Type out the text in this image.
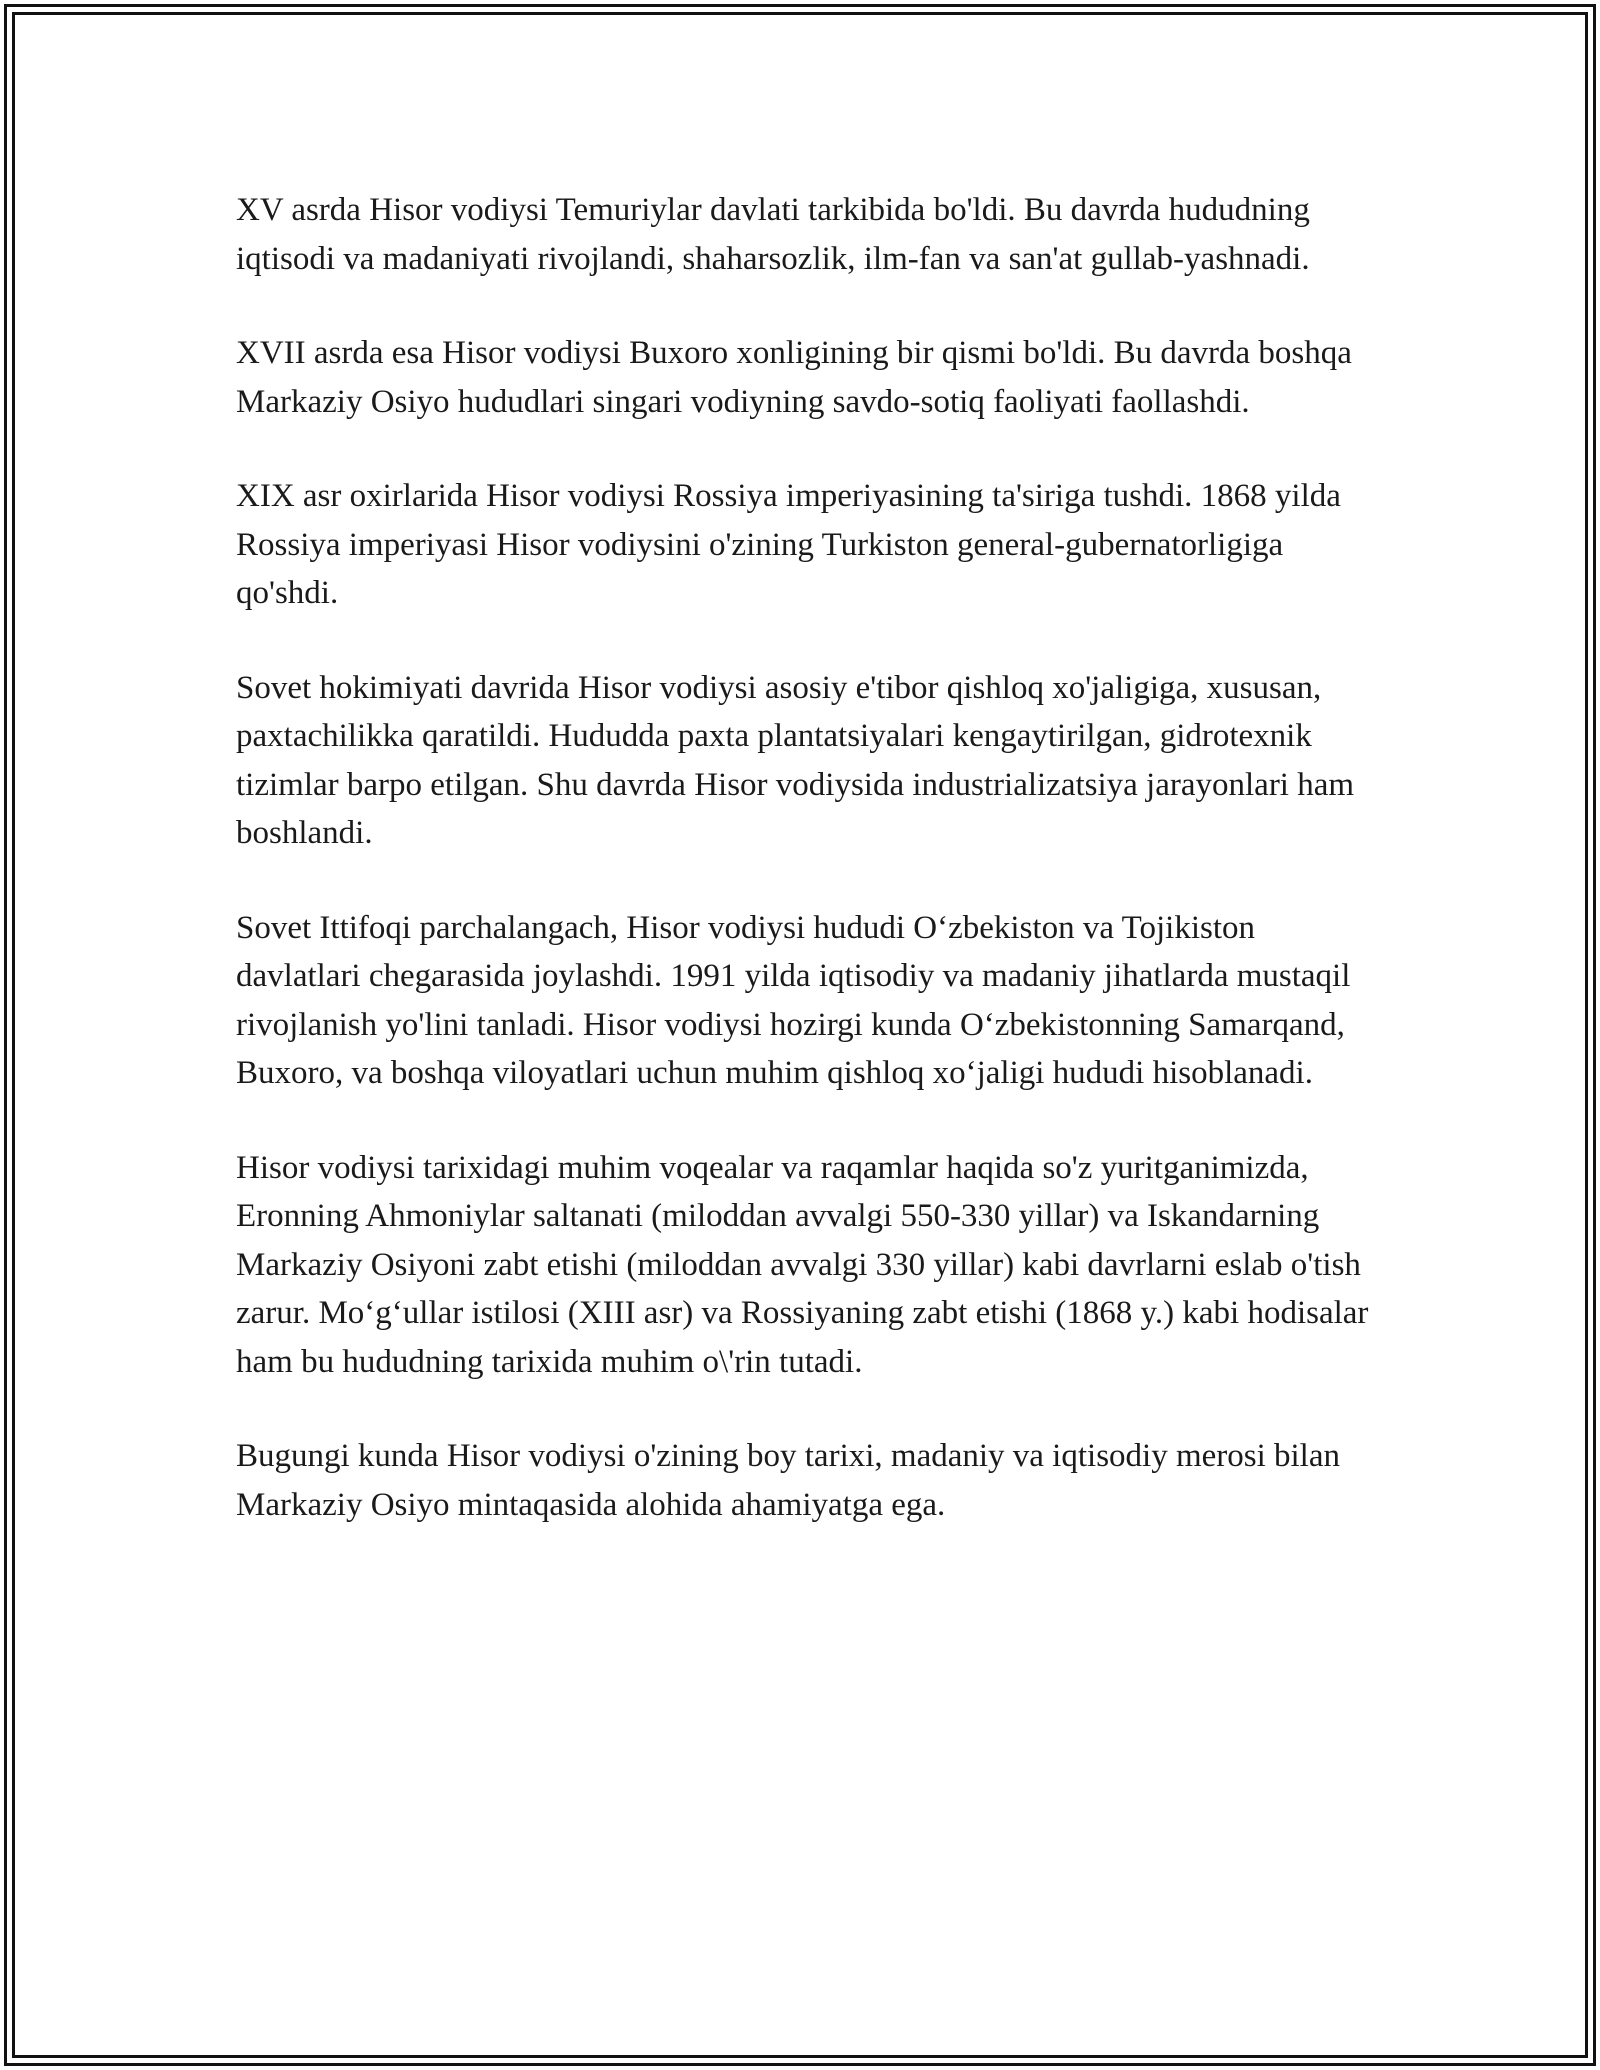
XV asrda Hisor vodiysi Temuriylar davlati tarkibida bo'ldi. Bu davrda hududning iqtisodi va madaniyati rivojlandi, shaharsozlik, ilm-fan va san'at gullab-yashnadi.

XVII asrda esa Hisor vodiysi Buxoro xonligining bir qismi bo'ldi. Bu davrda boshqa Markaziy Osiyo hududlari singari vodiyning savdo-sotiq faoliyati faollashdi.

XIX asr oxirlarida Hisor vodiysi Rossiya imperiyasining ta'siriga tushdi. 1868 yilda Rossiya imperiyasi Hisor vodiysini o'zining Turkiston general-gubernatorligiga qo'shdi.

Sovet hokimiyati davrida Hisor vodiysi asosiy e'tibor qishloq xo'jaligiga, xususan, paxtachilikka qaratildi. Hududda paxta plantatsiyalari kengaytirilgan, gidrotexnik tizimlar barpo etilgan. Shu davrda Hisor vodiysida industrializatsiya jarayonlari ham boshlandi.

Sovet Ittifoqi parchalangach, Hisor vodiysi hududi O‘zbekiston va Tojikiston davlatlari chegarasida joylashdi. 1991 yilda iqtisodiy va madaniy jihatlarda mustaqil rivojlanish yo'lini tanladi. Hisor vodiysi hozirgi kunda O‘zbekistonning Samarqand, Buxoro, va boshqa viloyatlari uchun muhim qishloq xo‘jaligi hududi hisoblanadi.

Hisor vodiysi tarixidagi muhim voqealar va raqamlar haqida so'z yuritganimizda, Eronning Ahmoniylar saltanati (miloddan avvalgi 550-330 yillar) va Iskandarning Markaziy Osiyoni zabt etishi (miloddan avvalgi 330 yillar) kabi davrlarni eslab o'tish zarur. Mo‘g‘ullar istilosi (XIII asr) va Rossiyaning zabt etishi (1868 y.) kabi hodisalar ham bu hududning tarixida muhim o\'rin tutadi.

Bugungi kunda Hisor vodiysi o'zining boy tarixi, madaniy va iqtisodiy merosi bilan Markaziy Osiyo mintaqasida alohida ahamiyatga ega.
